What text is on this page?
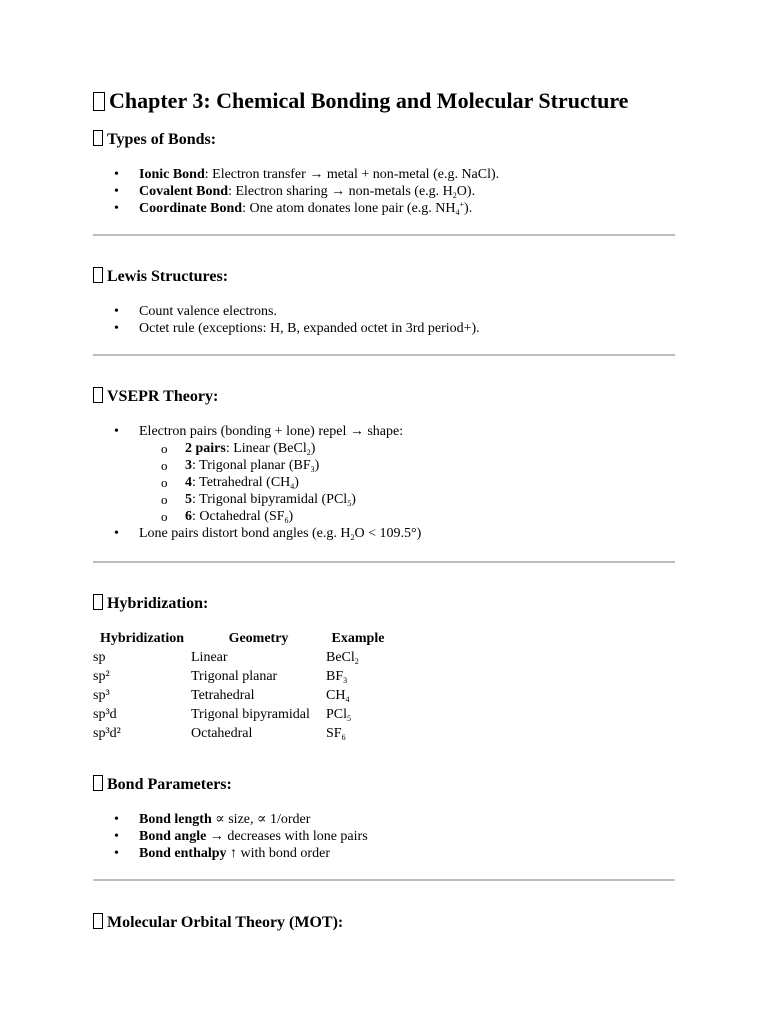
Chapter 3: Chemical Bonding and Molecular Structure
Types of Bonds:
• Ionic Bond: Electron transfer → metal + non-metal (e.g. NaCl).
• Covalent Bond: Electron sharing → non-metals (e.g. $H_2O$).
• Coordinate Bond: One atom donates lone pair (e.g. $NH_4^+$).
Lewis Structures:
• Count valence electrons.
• Octet rule (exceptions: H, B, expanded octet in 3rd period+).
VSEPR Theory:
• Electron pairs (bonding + lone) repel → shape:
o 2 pairs: Linear (BeCl$_2$)
o 3: Trigonal planar $(BF_3)$
o 4: Tetrahedral $(CH_4)$
o 5: Trigonal bipyramidal (PCl$_5$)
o 6: Octahedral $(SF_6)$
• Lone pairs distort bond angles (e.g. $H_2O < 109.5^\circ$)
Hybridization:
Hybridization	Geometry	Example
sp	Linear	BeCl$_2$
sp²	Trigonal planar	$BF_3$
sp³	Tetrahedral	$CH_4$
sp³d	Trigonal bipyramidal	PCl$_5$
sp³d²	Octahedral	$SF_6$
Bond Parameters:
• Bond length ∝ size, ∝ 1/order
• Bond angle → decreases with lone pairs
• Bond enthalpy ↑ with bond order
Molecular Orbital Theory (MOT):
